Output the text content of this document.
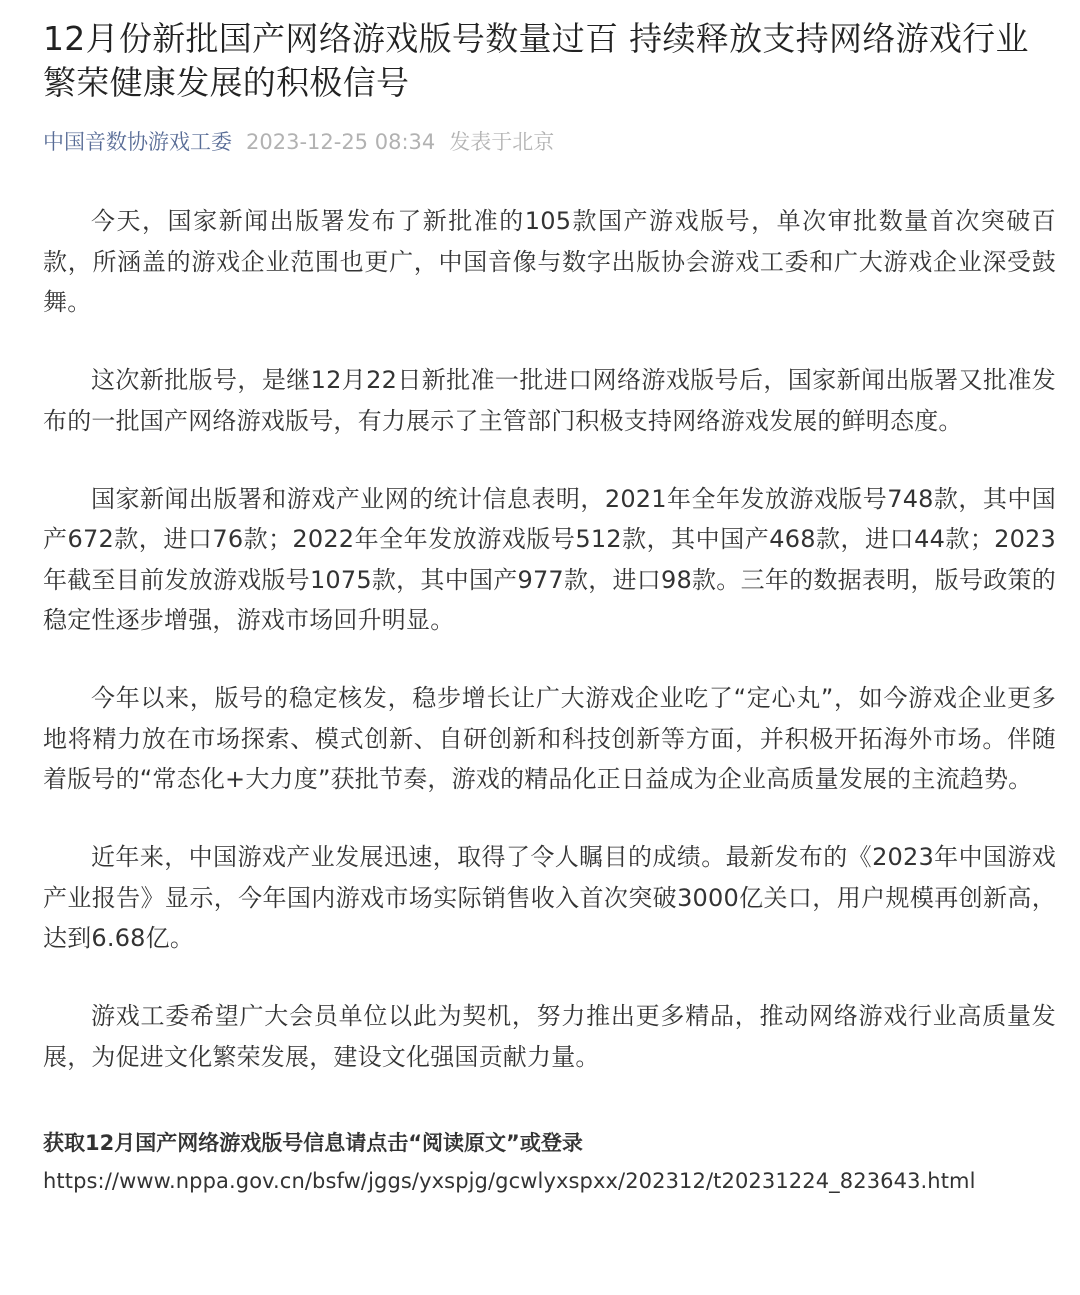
12月份新批国产网络游戏版号数量过百 持续释放支持网络游戏行业繁荣健康发展的积极信号
中国音数协游戏工委 2023-12-25 08:34 发表于北京

今天，国家新闻出版署发布了新批准的105款国产游戏版号，单次审批数量首次突破百款，所涵盖的游戏企业范围也更广，中国音像与数字出版协会游戏工委和广大游戏企业深受鼓舞。

这次新批版号，是继12月22日新批准一批进口网络游戏版号后，国家新闻出版署又批准发布的一批国产网络游戏版号，有力展示了主管部门积极支持网络游戏发展的鲜明态度。

国家新闻出版署和游戏产业网的统计信息表明，2021年全年发放游戏版号748款，其中国产672款，进口76款；2022年全年发放游戏版号512款，其中国产468款，进口44款；2023年截至目前发放游戏版号1075款，其中国产977款，进口98款。三年的数据表明，版号政策的稳定性逐步增强，游戏市场回升明显。

今年以来，版号的稳定核发，稳步增长让广大游戏企业吃了“定心丸”，如今游戏企业更多地将精力放在市场探索、模式创新、自研创新和科技创新等方面，并积极开拓海外市场。伴随着版号的“常态化+大力度”获批节奏，游戏的精品化正日益成为企业高质量发展的主流趋势。

近年来，中国游戏产业发展迅速，取得了令人瞩目的成绩。最新发布的《2023年中国游戏产业报告》显示，今年国内游戏市场实际销售收入首次突破3000亿关口，用户规模再创新高，达到6.68亿。

游戏工委希望广大会员单位以此为契机，努力推出更多精品，推动网络游戏行业高质量发展，为促进文化繁荣发展，建设文化强国贡献力量。

获取12月国产网络游戏版号信息请点击“阅读原文”或登录
https://www.nppa.gov.cn/bsfw/jggs/yxspjg/gcwlyxspxx/202312/t20231224_823643.html
